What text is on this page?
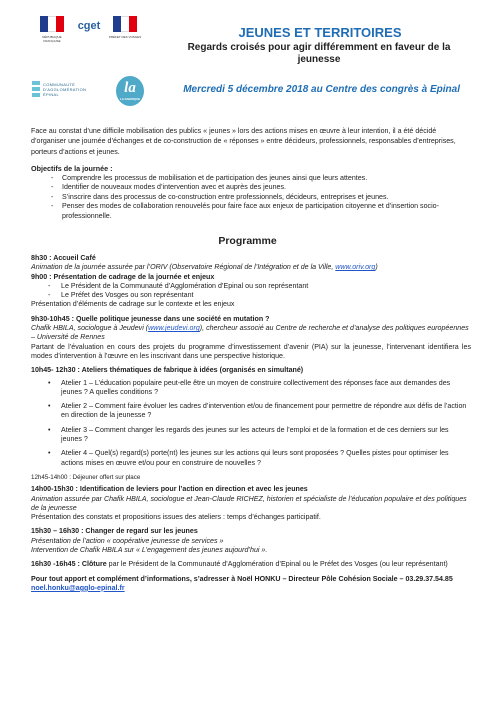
RÉPUBLIQUE FRANÇAISE
cget
PRÉFET DES VOSGES
COMMUNAUTÉ D'AGGLOMÉRATION ÉPINAL	la
LA FABRIQUE
JEUNES ET TERRITOIRES
Regards croisés pour agir différemment en faveur de la jeunesse
Mercredi 5 décembre 2018 au Centre des congrès à Epinal
Face au constat d’une difficile mobilisation des publics « jeunes » lors des actions mises en œuvre à leur intention, il a été décidé d’organiser une journée d’échanges et de co-construction de « réponses » entre décideurs, professionnels, responsables d’entreprises, porteurs d’actions et jeunes.
Objectifs de la journée :
- Comprendre les processus de mobilisation et de participation des jeunes ainsi que leurs attentes.
- Identifier de nouveaux modes d’intervention avec et auprès des jeunes.
- S’inscrire dans des processus de co-construction entre professionnels, décideurs, entreprises et jeunes.
- Penser des modes de collaboration renouvelés pour faire face aux enjeux de participation citoyenne et d’insertion socio-professionnelle.
Programme

8h30 : Accueil Café

Animation de la journée assurée par l’ORIV (Observatoire Régional de l’Intégration et de la Ville, www.oriv.org)

9h00 : Présentation de cadrage de la journée et enjeux

- Le Président de la Communauté d’Agglomération d’Epinal ou son représentant
- Le Préfet des Vosges ou son représentant

Présentation d’éléments de cadrage sur le contexte et les enjeux

9h30-10h45 : Quelle politique jeunesse dans une société en mutation ?

Chafik HBILA, sociologue à Jeudevi (www.jeudevi.org), chercheur associé au Centre de recherche et d’analyse des politiques européennes – Université de Rennes

Partant de l’évaluation en cours des projets du programme d’investissement d’avenir (PIA) sur la jeunesse, l’intervenant identifiera les modes d’intervention à l’œuvre en les inscrivant dans une perspective historique.

10h45- 12h30 : Ateliers thématiques de fabrique à idées (organisés en simultané)

• Atelier 1 – L’éducation populaire peut-elle être un moyen de construire collectivement des réponses face aux demandes des jeunes ? A quelles conditions ?
• Atelier 2 – Comment faire évoluer les cadres d’intervention et/ou de financement pour permettre de répondre aux défis de l’action en direction de la jeunesse ?
• Atelier 3 – Comment changer les regards des jeunes sur les acteurs de l’emploi et de la formation et de ces derniers sur les jeunes ?
• Atelier 4 – Quel(s) regard(s) porte(nt) les jeunes sur les actions qui leurs sont proposées ? Quelles pistes pour optimiser les actions mises en œuvre et/ou pour en construire de nouvelles ?

12h45-14h00 : Déjeuner offert sur place

14h00-15h30 : Identification de leviers pour l’action en direction et avec les jeunes

Animation assurée par Chafik HBILA, sociologue et Jean-Claude RICHEZ, historien et spécialiste de l’éducation populaire et des politiques de la jeunesse

Présentation des constats et propositions issues des ateliers : temps d’échanges participatif.

15h30 – 16h30 : Changer de regard sur les jeunes

Présentation de l’action « coopérative jeunesse de services »

Intervention de Chafik HBILA sur « L’engagement des jeunes aujourd’hui ».

16h30 -16h45 : Clôture par le Président de la Communauté d’Agglomération d’Epinal ou le Préfet des Vosges (ou leur représentant)

Pour tout apport et complément d’informations, s’adresser à Noël HONKU – Directeur Pôle Cohésion Sociale – 03.29.37.54.85 noel.honku@agglo-epinal.fr
